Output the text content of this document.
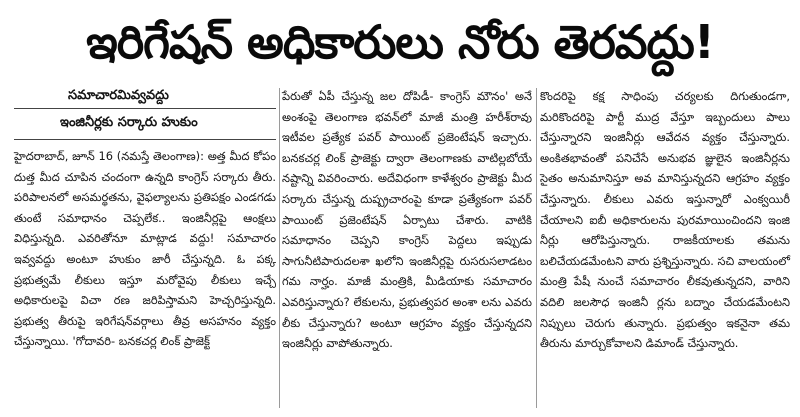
ఇరిగేషన్ అధికారులు నోరు తెరవద్దు!

సమాచారమివ్వవద్దు

ఇంజినీర్లకు సర్కారు హుకుం

హైదరాబాద్, జూన్ 16 (నమస్తే తెలంగాణ): అత్త మీద కోపం దుత్త మీద చూపిన చందంగా ఉన్నది కాంగ్రెస్ సర్కారు తీరు. పరిపాలనలో అసమర్థతను, వైఫల్యాలను ప్రతిపక్షం ఎండగడు తుంటే సమాధానం చెప్పలేక.. ఇంజినీర్లపై ఆంక్షలు విధిస్తున్నది. ఎవరితోనూ మాట్లాడ వద్దు! సమాచారం ఇవ్వవద్దు అంటూ హుకుం జారీ చేస్తున్నది. ఓ పక్క ప్రభుత్వమే లీకులు ఇస్తూ మరోవైపు లీకులు ఇచ్చే అధికారులపై విచా రణ జరిపిస్తామని హెచ్చరిస్తున్నది. ప్రభుత్వ తీరుపై ఇరిగేషన్‌వర్గాలు తీవ్ర అసహనం వ్యక్తం చేస్తున్నాయి. 'గోదావరి- బనకచర్ల లింక్ ప్రాజెక్ట్

పేరుతో ఏపీ చేస్తున్న జల దోపిడీ- కాంగ్రెస్ మౌనం' అనే అంశంపై తెలంగాణ భవన్‌లో మాజీ మంత్రి హరీశ్‌రావు ఇటీవల ప్రత్యేక పవర్ పాయింట్ ప్రజెంటేషన్ ఇచ్చారు. బనకచర్ల లింక్ ప్రాజెక్టు ద్వారా తెలంగాణకు వాటిల్లబోయే నష్టాన్ని వివరించారు. అదేవిధంగా కాళేశ్వరం ప్రాజెక్టు మీద సర్కారు చేస్తున్న దుష్ప్రచారంపై కూడా ప్రత్యేకంగా పవర్ పాయింట్ ప్రజెంటేషన్ ఏర్పాటు చేశారు. వాటికి సమాధానం చెప్పని కాంగ్రెస్ పెద్దలు ఇప్పుడు సాగునీటిపారుదలశా ఖలోని ఇంజినీర్లపై రుసరుసలాడటం గమ నార్హం. మాజీ మంత్రికి, మీడియాకు సమాచారం ఎవరిస్తున్నారు? లేకులను, ప్రభుత్వపర అంశా లను ఎవరు లీకు చేస్తున్నారు? అంటూ ఆగ్రహం వ్యక్తం చేస్తున్నదని ఇంజినీర్లు వాపోతున్నారు.

కొందరిపై కక్ష సాధింపు చర్యలకు దిగుతుండగా, మరికొందరిపై పార్టీ ముద్ర వేస్తూ ఇబ్బందులు పాలు చేస్తున్నారని ఇంజినీర్లు ఆవేదన వ్యక్తం చేస్తున్నారు. అంకితభావంతో పనిచేసే అనుభవ జ్ఞులైన ఇంజినీర్లను సైతం అనుమానిస్తూ అవ మానిస్తున్నదని ఆగ్రహం వ్యక్తం చేస్తున్నారు. లీకులు ఎవరు ఇస్తున్నారో ఎంక్వయిరీ చేయాలని ఐబీ అధికారులను పురమాయించిందని ఇంజి నీర్లు ఆరోపిస్తున్నారు. రాజకీయాలకు తమను బలిచేయడమేంటని వారు ప్రశ్నిస్తున్నారు. సచి వాలయంలో మంత్రి పేషీ నుంచే సమాచారం లీకవుతున్నదని, వారిని వదిలి జలసౌధ ఇంజినీ ర్లను బద్నాం చేయడమేంటని నిప్పులు చెరుగు తున్నారు. ప్రభుత్వం ఇకనైనా తమ తీరును మార్చుకోవాలని డిమాండ్ చేస్తున్నారు.
